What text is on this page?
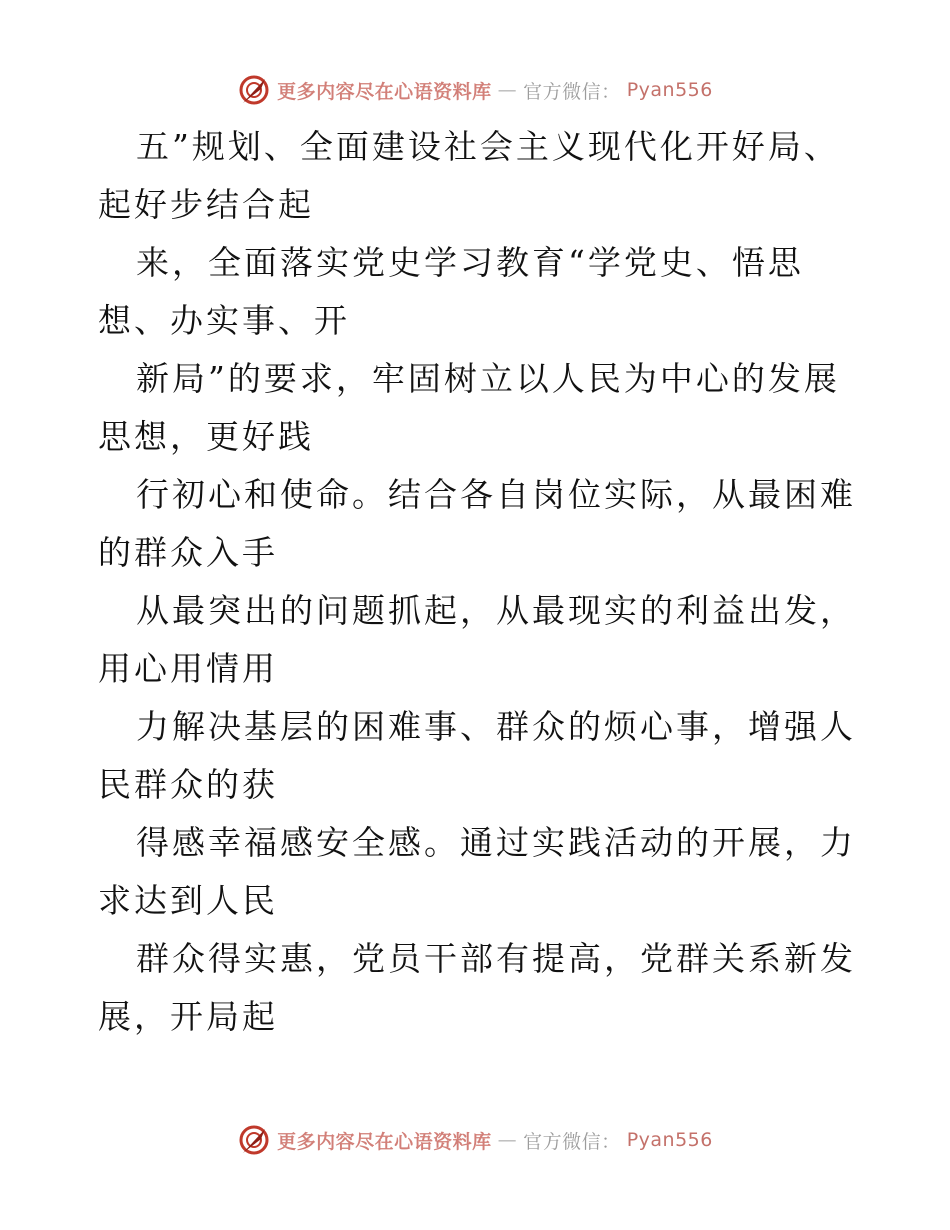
更多内容尽在心语资料库 — 官方微信： Pyan556

五”规划、全面建设社会主义现代化开好局、起好步结合起

来，全面落实党史学习教育“学党史、悟思想、办实事、开

新局”的要求，牢固树立以人民为中心的发展思想，更好践

行初心和使命。结合各自岗位实际，从最困难的群众入手

从最突出的问题抓起，从最现实的利益出发，用心用情用

力解决基层的困难事、群众的烦心事，增强人民群众的获

得感幸福感安全感。通过实践活动的开展，力求达到人民

群众得实惠，党员干部有提高，党群关系新发展，开局起

更多内容尽在心语资料库 — 官方微信： Pyan556
